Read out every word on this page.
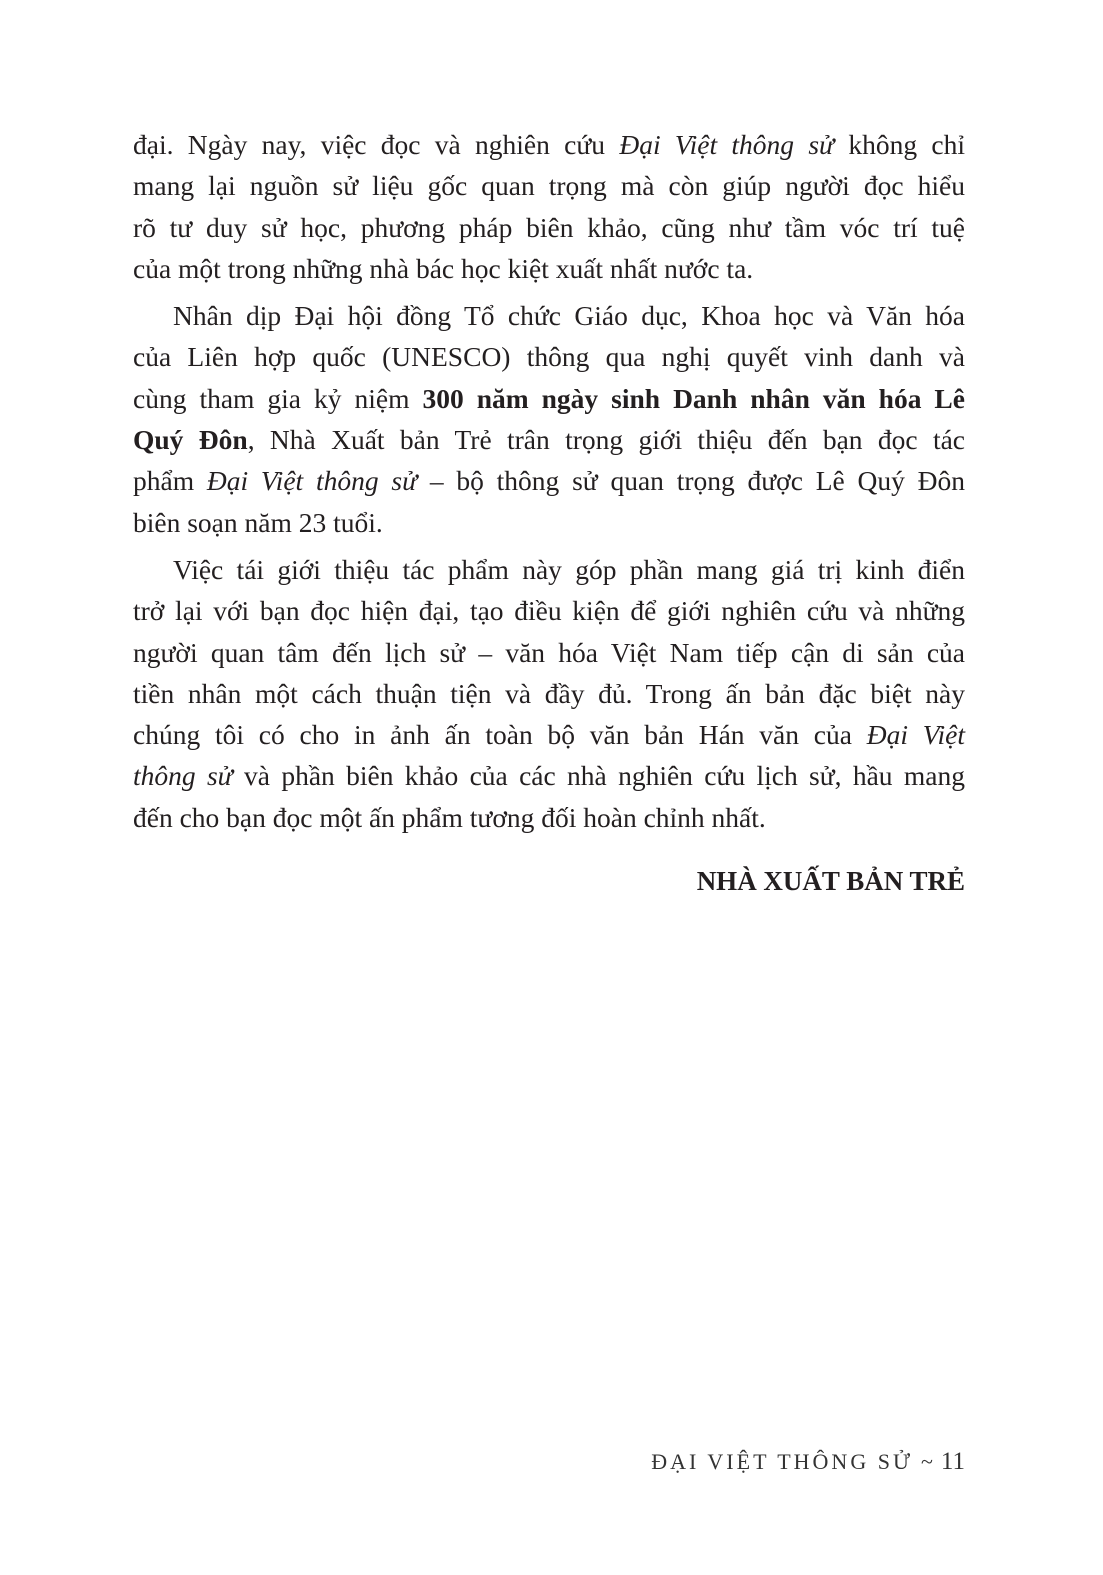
đại. Ngày nay, việc đọc và nghiên cứu Đại Việt thông sử không chỉ
mang lại nguồn sử liệu gốc quan trọng mà còn giúp người đọc hiểu
rõ tư duy sử học, phương pháp biên khảo, cũng như tầm vóc trí tuệ
của một trong những nhà bác học kiệt xuất nhất nước ta.
Nhân dịp Đại hội đồng Tổ chức Giáo dục, Khoa học và Văn hóa
của Liên hợp quốc (UNESCO) thông qua nghị quyết vinh danh và
cùng tham gia kỷ niệm 300 năm ngày sinh Danh nhân văn hóa Lê
Quý Đôn, Nhà Xuất bản Trẻ trân trọng giới thiệu đến bạn đọc tác
phẩm Đại Việt thông sử – bộ thông sử quan trọng được Lê Quý Đôn
biên soạn năm 23 tuổi.
Việc tái giới thiệu tác phẩm này góp phần mang giá trị kinh điển
trở lại với bạn đọc hiện đại, tạo điều kiện để giới nghiên cứu và những
người quan tâm đến lịch sử – văn hóa Việt Nam tiếp cận di sản của
tiền nhân một cách thuận tiện và đầy đủ. Trong ấn bản đặc biệt này
chúng tôi có cho in ảnh ấn toàn bộ văn bản Hán văn của Đại Việt
thông sử và phần biên khảo của các nhà nghiên cứu lịch sử, hầu mang
đến cho bạn đọc một ấn phẩm tương đối hoàn chỉnh nhất.
NHÀ XUẤT BẢN TRẺ
ĐẠI VIỆT THÔNG SỬ ~ 11
